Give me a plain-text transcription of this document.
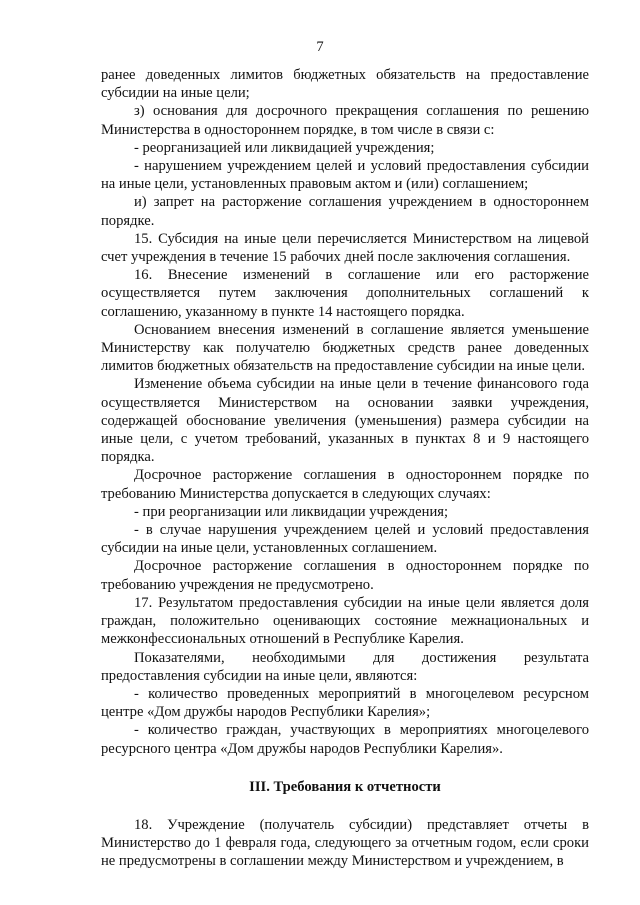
7

ранее доведенных лимитов бюджетных обязательств на предоставление субсидии на иные цели;

з) основания для досрочного прекращения соглашения по решению Министерства в одностороннем порядке, в том числе в связи с:

- реорганизацией или ликвидацией учреждения;

- нарушением учреждением целей и условий предоставления субсидии на иные цели, установленных правовым актом и (или) соглашением;

и) запрет на расторжение соглашения учреждением в одностороннем порядке.

15. Субсидия на иные цели перечисляется Министерством на лицевой счет учреждения в течение 15 рабочих дней после заключения соглашения.

16. Внесение изменений в соглашение или его расторжение осуществляется путем заключения дополнительных соглашений к соглашению, указанному в пункте 14 настоящего порядка.

Основанием внесения изменений в соглашение является уменьшение Министерству как получателю бюджетных средств ранее доведенных лимитов бюджетных обязательств на предоставление субсидии на иные цели.

Изменение объема субсидии на иные цели в течение финансового года осуществляется Министерством на основании заявки учреждения, содержащей обоснование увеличения (уменьшения) размера субсидии на иные цели, с учетом требований, указанных в пунктах 8 и 9 настоящего порядка.

Досрочное расторжение соглашения в одностороннем порядке по требованию Министерства допускается в следующих случаях:

- при реорганизации или ликвидации учреждения;

- в случае нарушения учреждением целей и условий предоставления субсидии на иные цели, установленных соглашением.

Досрочное расторжение соглашения в одностороннем порядке по требованию учреждения не предусмотрено.

17. Результатом предоставления субсидии на иные цели является доля граждан, положительно оценивающих состояние межнациональных и межконфессиональных отношений в Республике Карелия.

Показателями, необходимыми для достижения результата предоставления субсидии на иные цели, являются:

- количество проведенных мероприятий в многоцелевом ресурсном центре «Дом дружбы народов Республики Карелия»;

- количество граждан, участвующих в мероприятиях многоцелевого ресурсного центра «Дом дружбы народов Республики Карелия».

III. Требования к отчетности

18. Учреждение (получатель субсидии) представляет отчеты в Министерство до 1 февраля года, следующего за отчетным годом, если сроки не предусмотрены в соглашении между Министерством и учреждением, в
